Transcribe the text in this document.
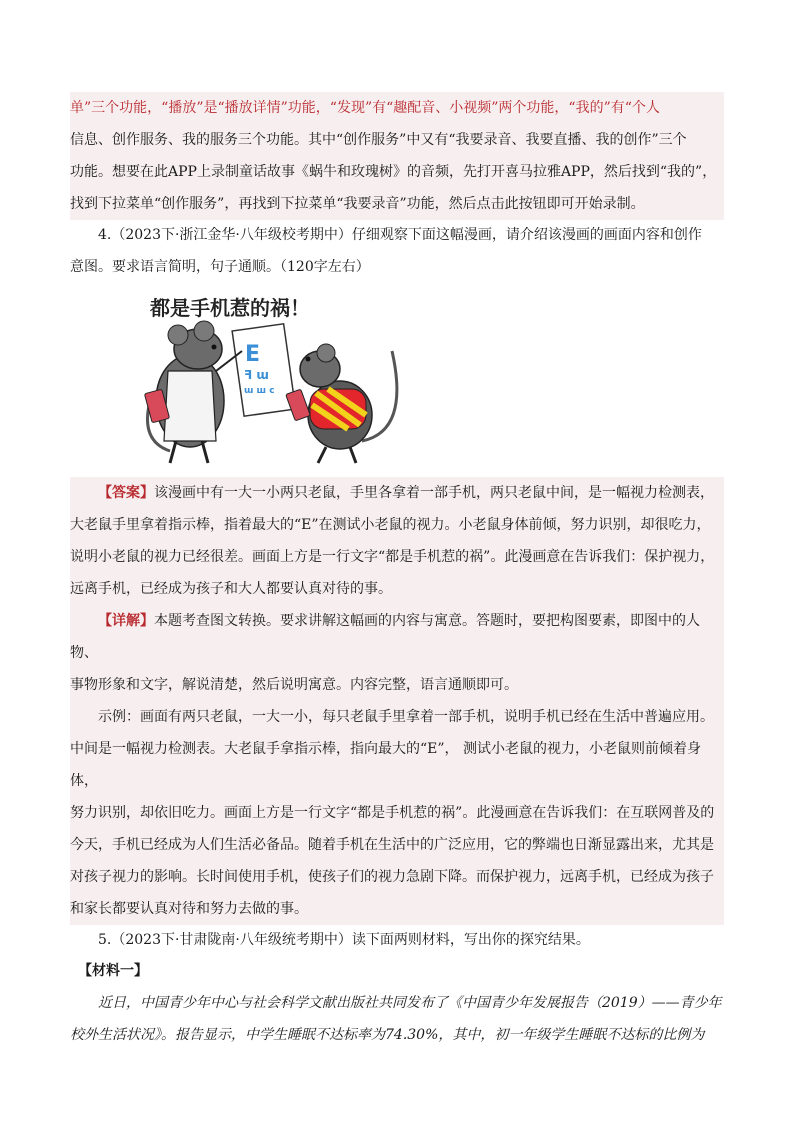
单”三个功能，“播放”是“播放详情”功能，“发现”有“趣配音、小视频”两个功能，“我的”有“个人

信息、创作服务、我的服务三个功能。其中“创作服务”中又有“我要录音、我要直播、我的创作”三个

功能。想要在此APP上录制童话故事《蜗牛和玫瑰树》的音频，先打开喜马拉雅APP，然后找到“我的”，

找到下拉菜单“创作服务”，再找到下拉菜单“我要录音”功能，然后点击此按钮即可开始录制。

4.（2023下·浙江金华·八年级校考期中）仔细观察下面这幅漫画，请介绍该漫画的画面内容和创作

意图。要求语言简明，句子通顺。（120字左右）

都是手机惹的祸！
E
ꟻ ɯ
ɯ ш ϲ

【答案】该漫画中有一大一小两只老鼠，手里各拿着一部手机，两只老鼠中间，是一幅视力检测表，

大老鼠手里拿着指示棒，指着最大的“E”在测试小老鼠的视力。小老鼠身体前倾，努力识别，却很吃力，

说明小老鼠的视力已经很差。画面上方是一行文字“都是手机惹的祸”。此漫画意在告诉我们：保护视力，

远离手机，已经成为孩子和大人都要认真对待的事。

【详解】本题考查图文转换。要求讲解这幅画的内容与寓意。答题时，要把构图要素，即图中的人物、

事物形象和文字，解说清楚，然后说明寓意。内容完整，语言通顺即可。

示例：画面有两只老鼠，一大一小，每只老鼠手里拿着一部手机，说明手机已经在生活中普遍应用。

中间是一幅视力检测表。大老鼠手拿指示棒，指向最大的“E”， 测试小老鼠的视力，小老鼠则前倾着身体，

努力识别，却依旧吃力。画面上方是一行文字“都是手机惹的祸”。此漫画意在告诉我们：在互联网普及的

今天，手机已经成为人们生活必备品。随着手机在生活中的广泛应用，它的弊端也日渐显露出来，尤其是

对孩子视力的影响。长时间使用手机，使孩子们的视力急剧下降。而保护视力，远离手机，已经成为孩子

和家长都要认真对待和努力去做的事。

5.（2023下·甘肃陇南·八年级统考期中）读下面两则材料，写出你的探究结果。

【材料一】

近日，中国青少年中心与社会科学文献出版社共同发布了《中国青少年发展报告（2019）——青少年

校外生活状况》。报告显示，中学生睡眠不达标率为74.30%，其中，初一年级学生睡眠不达标的比例为
